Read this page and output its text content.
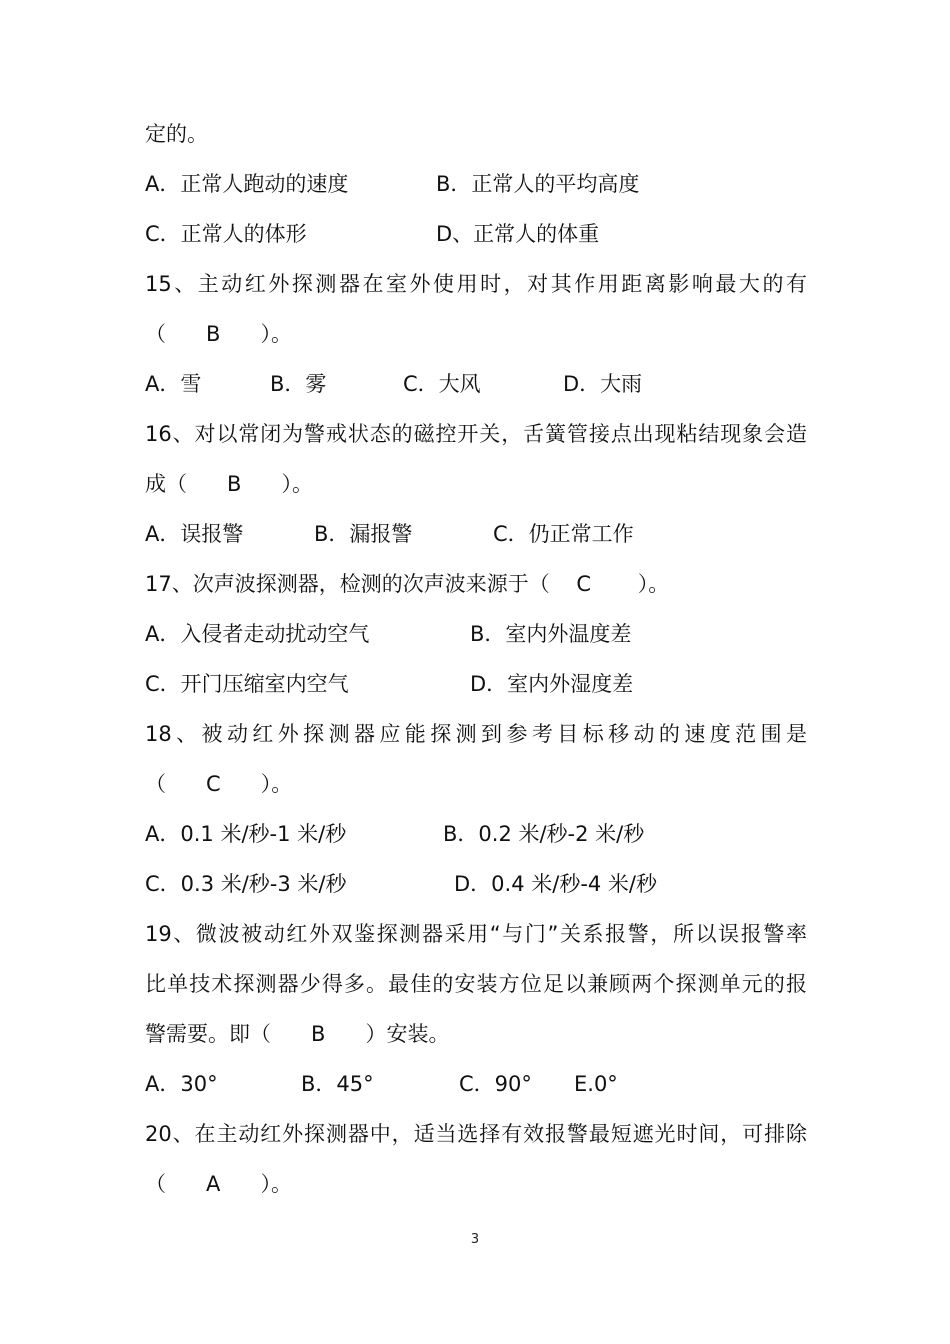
定的。
A．正常人跑动的速度	B．正常人的平均高度
C．正常人的体形	D、正常人的体重
15、主动红外探测器在室外使用时，对其作用距离影响最大的有
（      B      ）。
A．雪	B．雾	C．大风	D．大雨
16、对以常闭为警戒状态的磁控开关，舌簧管接点出现粘结现象会造
成（      B      ）。
A．误报警	B．漏报警	C．仍正常工作
17、次声波探测器，检测的次声波来源于（    C       ）。
A．入侵者走动扰动空气	B．室内外温度差
C．开门压缩室内空气	D．室内外湿度差
18、被动红外探测器应能探测到参考目标移动的速度范围是
（      C      ）。
A．0.1 米/秒-1 米/秒	B．0.2 米/秒-2 米/秒
C．0.3 米/秒-3 米/秒	D．0.4 米/秒-4 米/秒
19、微波被动红外双鉴探测器采用“与门”关系报警，所以误报警率
比单技术探测器少得多。最佳的安装方位足以兼顾两个探测单元的报
警需要。即（      B      ）安装。
A．30°	B．45°	C．90° E.0°
20、在主动红外探测器中，适当选择有效报警最短遮光时间，可排除
（      A      ）。
3
